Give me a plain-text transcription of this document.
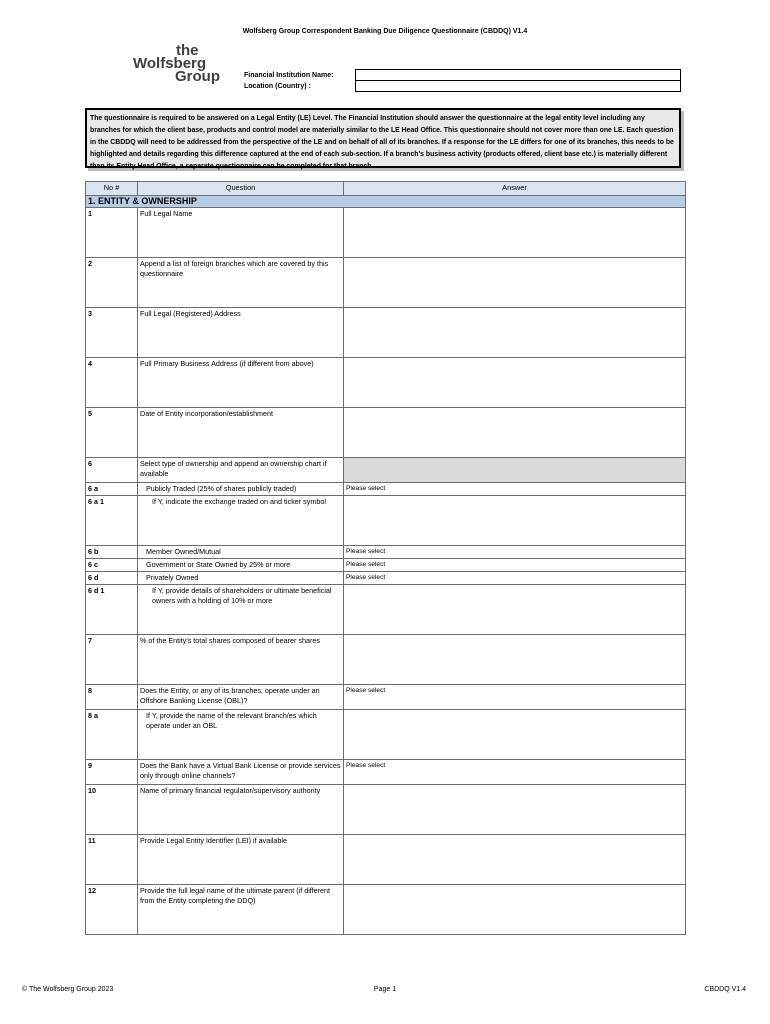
Wolfsberg Group Correspondent Banking Due Diligence Questionnaire (CBDDQ) V1.4
the
Wolfsberg
Group	Financial Institution Name:
Location (Country) :
The questionnaire is required to be answered on a Legal Entity (LE) Level. The Financial Institution should answer the questionnaire at the legal entity level including any branches for which the client base, products and control model are materially similar to the LE Head Office. This questionnaire should not cover more than one LE. Each question in the CBDDQ will need to be addressed from the perspective of the LE and on behalf of all of its branches. If a response for the LE differs for one of its branches, this needs to be highlighted and details regarding this difference captured at the end of each sub-section. If a branch's business activity (products offered, client base etc.) is materially different than its Entity Head Office, a separate questionnaire can be completed for that branch.
No #	Question	Answer
1. ENTITY & OWNERSHIP		
1	Full Legal Name	
2	Append a list of foreign branches which are covered by this questionnaire	
3	Full Legal (Registered) Address	
4	Full Primary Business Address (if different from above)	
5	Date of Entity incorporation/establishment	
6	Select type of ownership and append an ownership chart if available	
6 a	Publicly Traded (25% of shares publicly traded)	Please select
6 a 1	If Y, indicate the exchange traded on and ticker symbol	
6 b	Member Owned/Mutual	Please select
6 c	Government or State Owned by 25% or more	Please select
6 d	Privately Owned	Please select
6 d 1	If Y, provide details of shareholders or ultimate beneficial owners with a holding of 10% or more	
7	% of the Entity's total shares composed of bearer shares	
8	Does the Entity, or any of its branches, operate under an Offshore Banking License (OBL)?	Please select
8 a	If Y, provide the name of the relevant branch/es which operate under an OBL	
9	Does the Bank have a Virtual Bank License or provide services only through online channels?	Please select
10	Name of primary financial regulator/supervisory authority	
11	Provide Legal Entity Identifier (LEI) if available	
12	Provide the full legal name of the ultimate parent (if different from the Entity completing the DDQ)	
© The Wolfsberg Group 2023	Page 1	CBDDQ V1.4
